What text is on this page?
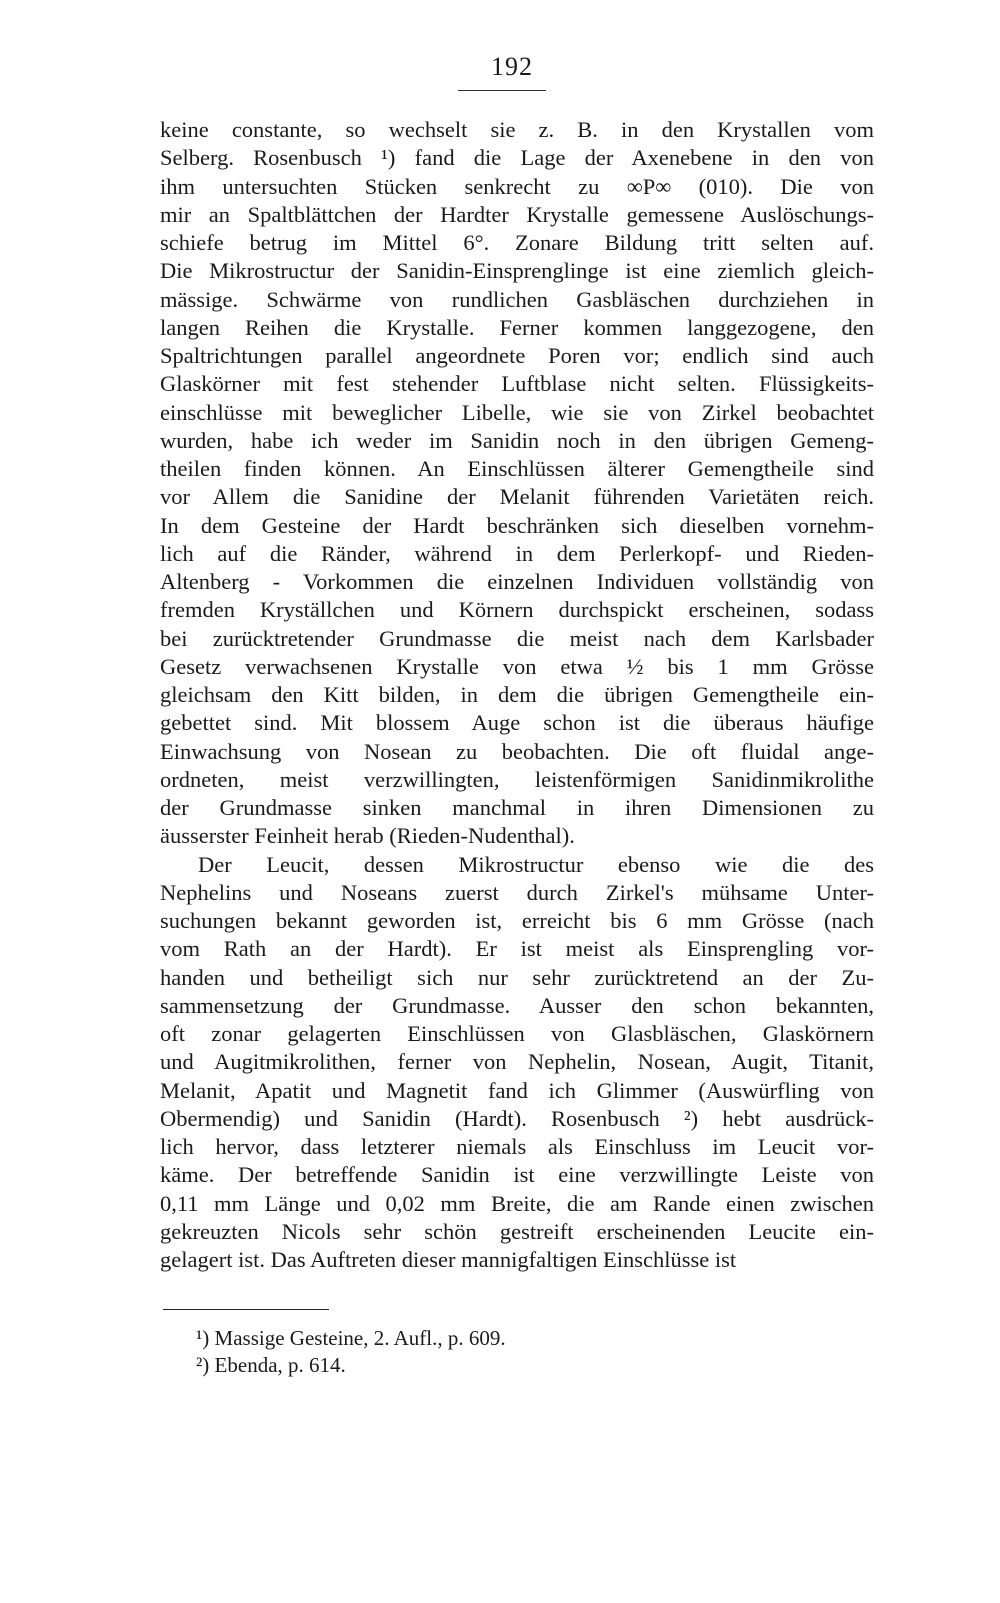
192
keine constante, so wechselt sie z. B. in den Krystallen vom
Selberg. Rosenbusch ¹) fand die Lage der Axenebene in den von
ihm untersuchten Stücken senkrecht zu ∞P∞ (010). Die von
mir an Spaltblättchen der Hardter Krystalle gemessene Auslöschungs-
schiefe betrug im Mittel 6°. Zonare Bildung tritt selten auf.
Die Mikrostructur der Sanidin-Einsprenglinge ist eine ziemlich gleich-
mässige. Schwärme von rundlichen Gasbläschen durchziehen in
langen Reihen die Krystalle. Ferner kommen langgezogene, den
Spaltrichtungen parallel angeordnete Poren vor; endlich sind auch
Glaskörner mit fest stehender Luftblase nicht selten. Flüssigkeits-
einschlüsse mit beweglicher Libelle, wie sie von Zirkel beobachtet
wurden, habe ich weder im Sanidin noch in den übrigen Gemeng-
theilen finden können. An Einschlüssen älterer Gemengtheile sind
vor Allem die Sanidine der Melanit führenden Varietäten reich.
In dem Gesteine der Hardt beschränken sich dieselben vornehm-
lich auf die Ränder, während in dem Perlerkopf- und Rieden-
Altenberg - Vorkommen die einzelnen Individuen vollständig von
fremden Kryställchen und Körnern durchspickt erscheinen, sodass
bei zurücktretender Grundmasse die meist nach dem Karlsbader
Gesetz verwachsenen Krystalle von etwa ½ bis 1 mm Grösse
gleichsam den Kitt bilden, in dem die übrigen Gemengtheile ein-
gebettet sind. Mit blossem Auge schon ist die überaus häufige
Einwachsung von Nosean zu beobachten. Die oft fluidal ange-
ordneten, meist verzwillingten, leistenförmigen Sanidinmikrolithe
der Grundmasse sinken manchmal in ihren Dimensionen zu
äusserster Feinheit herab (Rieden-Nudenthal).
Der Leucit, dessen Mikrostructur ebenso wie die des
Nephelins und Noseans zuerst durch Zirkel's mühsame Unter-
suchungen bekannt geworden ist, erreicht bis 6 mm Grösse (nach
vom Rath an der Hardt). Er ist meist als Einsprengling vor-
handen und betheiligt sich nur sehr zurücktretend an der Zu-
sammensetzung der Grundmasse. Ausser den schon bekannten,
oft zonar gelagerten Einschlüssen von Glasbläschen, Glaskörnern
und Augitmikrolithen, ferner von Nephelin, Nosean, Augit, Titanit,
Melanit, Apatit und Magnetit fand ich Glimmer (Auswürfling von
Obermendig) und Sanidin (Hardt). Rosenbusch ²) hebt ausdrück-
lich hervor, dass letzterer niemals als Einschluss im Leucit vor-
käme. Der betreffende Sanidin ist eine verzwillingte Leiste von
0,11 mm Länge und 0,02 mm Breite, die am Rande einen zwischen
gekreuzten Nicols sehr schön gestreift erscheinenden Leucite ein-
gelagert ist. Das Auftreten dieser mannigfaltigen Einschlüsse ist
¹) Massige Gesteine, 2. Aufl., p. 609.
²) Ebenda, p. 614.
